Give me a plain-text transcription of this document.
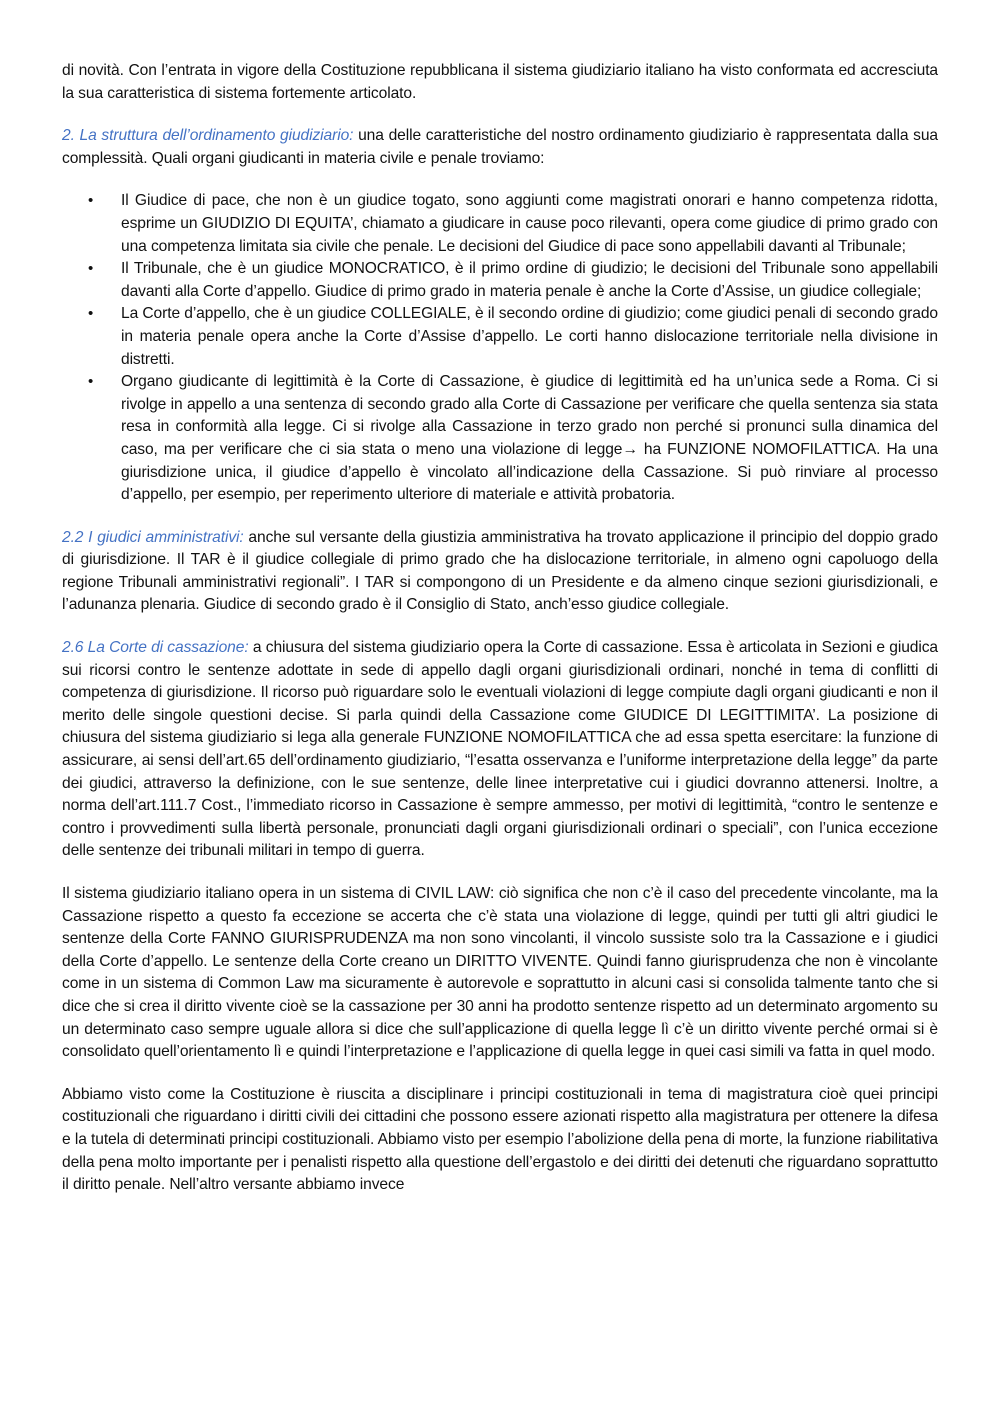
di novità. Con l’entrata in vigore della Costituzione repubblicana il sistema giudiziario italiano ha visto conformata ed accresciuta la sua caratteristica di sistema fortemente articolato.

2. La struttura dell’ordinamento giudiziario: una delle caratteristiche del nostro ordinamento giudiziario è rappresentata dalla sua complessità. Quali organi giudicanti in materia civile e penale troviamo:

• Il Giudice di pace, che non è un giudice togato, sono aggiunti come magistrati onorari e hanno competenza ridotta, esprime un GIUDIZIO DI EQUITA’, chiamato a giudicare in cause poco rilevanti, opera come giudice di primo grado con una competenza limitata sia civile che penale. Le decisioni del Giudice di pace sono appellabili davanti al Tribunale;
• Il Tribunale, che è un giudice MONOCRATICO, è il primo ordine di giudizio; le decisioni del Tribunale sono appellabili davanti alla Corte d’appello. Giudice di primo grado in materia penale è anche la Corte d’Assise, un giudice collegiale;
• La Corte d’appello, che è un giudice COLLEGIALE, è il secondo ordine di giudizio; come giudici penali di secondo grado in materia penale opera anche la Corte d’Assise d’appello. Le corti hanno dislocazione territoriale nella divisione in distretti.
• Organo giudicante di legittimità è la Corte di Cassazione, è giudice di legittimità ed ha un’unica sede a Roma. Ci si rivolge in appello a una sentenza di secondo grado alla Corte di Cassazione per verificare che quella sentenza sia stata resa in conformità alla legge. Ci si rivolge alla Cassazione in terzo grado non perché si pronunci sulla dinamica del caso, ma per verificare che ci sia stata o meno una violazione di legge→ ha FUNZIONE NOMOFILATTICA. Ha una giurisdizione unica, il giudice d’appello è vincolato all’indicazione della Cassazione. Si può rinviare al processo d’appello, per esempio, per reperimento ulteriore di materiale e attività probatoria.

2.2 I giudici amministrativi: anche sul versante della giustizia amministrativa ha trovato applicazione il principio del doppio grado di giurisdizione. Il TAR è il giudice collegiale di primo grado che ha dislocazione territoriale, in almeno ogni capoluogo della regione Tribunali amministrativi regionali”. I TAR si compongono di un Presidente e da almeno cinque sezioni giurisdizionali, e l’adunanza plenaria. Giudice di secondo grado è il Consiglio di Stato, anch’esso giudice collegiale.

2.6 La Corte di cassazione: a chiusura del sistema giudiziario opera la Corte di cassazione. Essa è articolata in Sezioni e giudica sui ricorsi contro le sentenze adottate in sede di appello dagli organi giurisdizionali ordinari, nonché in tema di conflitti di competenza di giurisdizione. Il ricorso può riguardare solo le eventuali violazioni di legge compiute dagli organi giudicanti e non il merito delle singole questioni decise. Si parla quindi della Cassazione come GIUDICE DI LEGITTIMITA’. La posizione di chiusura del sistema giudiziario si lega alla generale FUNZIONE NOMOFILATTICA che ad essa spetta esercitare: la funzione di assicurare, ai sensi dell’art.65 dell’ordinamento giudiziario, “l’esatta osservanza e l’uniforme interpretazione della legge” da parte dei giudici, attraverso la definizione, con le sue sentenze, delle linee interpretative cui i giudici dovranno attenersi. Inoltre, a norma dell’art.111.7 Cost., l’immediato ricorso in Cassazione è sempre ammesso, per motivi di legittimità, “contro le sentenze e contro i provvedimenti sulla libertà personale, pronunciati dagli organi giurisdizionali ordinari o speciali”, con l’unica eccezione delle sentenze dei tribunali militari in tempo di guerra.

Il sistema giudiziario italiano opera in un sistema di CIVIL LAW: ciò significa che non c’è il caso del precedente vincolante, ma la Cassazione rispetto a questo fa eccezione se accerta che c’è stata una violazione di legge, quindi per tutti gli altri giudici le sentenze della Corte FANNO GIURISPRUDENZA ma non sono vincolanti, il vincolo sussiste solo tra la Cassazione e i giudici della Corte d’appello. Le sentenze della Corte creano un DIRITTO VIVENTE. Quindi fanno giurisprudenza che non è vincolante come in un sistema di Common Law ma sicuramente è autorevole e soprattutto in alcuni casi si consolida talmente tanto che si dice che si crea il diritto vivente cioè se la cassazione per 30 anni ha prodotto sentenze rispetto ad un determinato argomento su un determinato caso sempre uguale allora si dice che sull’applicazione di quella legge lì c’è un diritto vivente perché ormai si è consolidato quell’orientamento lì e quindi l’interpretazione e l’applicazione di quella legge in quei casi simili va fatta in quel modo.

Abbiamo visto come la Costituzione è riuscita a disciplinare i principi costituzionali in tema di magistratura cioè quei principi costituzionali che riguardano i diritti civili dei cittadini che possono essere azionati rispetto alla magistratura per ottenere la difesa e la tutela di determinati principi costituzionali. Abbiamo visto per esempio l’abolizione della pena di morte, la funzione riabilitativa della pena molto importante per i penalisti rispetto alla questione dell’ergastolo e dei diritti dei detenuti che riguardano soprattutto il diritto penale. Nell’altro versante abbiamo invece
